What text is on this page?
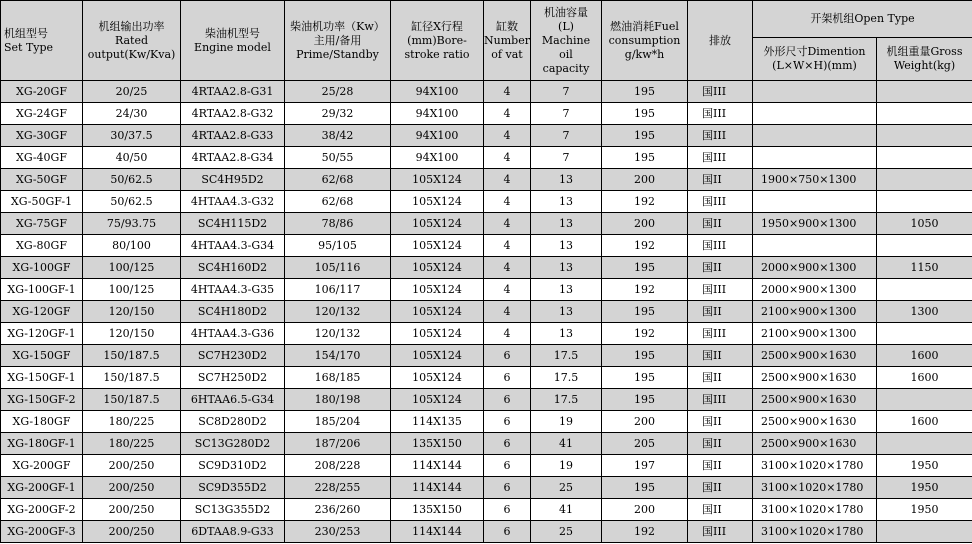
机组型号
Set Type	机组输出功率
Rated
output(Kw/Kva)	柴油机型号
Engine model	柴油机功率（Kw）
主用/备用
Prime/Standby	缸径X行程
(mm)Bore-
stroke ratio	缸数
Number
of vat	机油容量
(L)
Machine
oil
capacity	燃油消耗Fuel
consumption
g/kw*h	排放	开架机组Open Type	
									外形尺寸Dimention
(L×W×H)(mm)	机组重量Gross
Weight(kg)
XG-20GF	20/25	4RTAA2.8-G31	25/28	94X100	4	7	195	国III		
XG-24GF	24/30	4RTAA2.8-G32	29/32	94X100	4	7	195	国III		
XG-30GF	30/37.5	4RTAA2.8-G33	38/42	94X100	4	7	195	国III		
XG-40GF	40/50	4RTAA2.8-G34	50/55	94X100	4	7	195	国III		
XG-50GF	50/62.5	SC4H95D2	62/68	105X124	4	13	200	国II	1900×750×1300	
XG-50GF-1	50/62.5	4HTAA4.3-G32	62/68	105X124	4	13	192	国III		
XG-75GF	75/93.75	SC4H115D2	78/86	105X124	4	13	200	国II	1950×900×1300	1050
XG-80GF	80/100	4HTAA4.3-G34	95/105	105X124	4	13	192	国III		
XG-100GF	100/125	SC4H160D2	105/116	105X124	4	13	195	国II	2000×900×1300	1150
XG-100GF-1	100/125	4HTAA4.3-G35	106/117	105X124	4	13	192	国III	2000×900×1300	
XG-120GF	120/150	SC4H180D2	120/132	105X124	4	13	195	国II	2100×900×1300	1300
XG-120GF-1	120/150	4HTAA4.3-G36	120/132	105X124	4	13	192	国III	2100×900×1300	
XG-150GF	150/187.5	SC7H230D2	154/170	105X124	6	17.5	195	国II	2500×900×1630	1600
XG-150GF-1	150/187.5	SC7H250D2	168/185	105X124	6	17.5	195	国II	2500×900×1630	1600
XG-150GF-2	150/187.5	6HTAA6.5-G34	180/198	105X124	6	17.5	195	国III	2500×900×1630	
XG-180GF	180/225	SC8D280D2	185/204	114X135	6	19	200	国II	2500×900×1630	1600
XG-180GF-1	180/225	SC13G280D2	187/206	135X150	6	41	205	国II	2500×900×1630	
XG-200GF	200/250	SC9D310D2	208/228	114X144	6	19	197	国II	3100×1020×1780	1950
XG-200GF-1	200/250	SC9D355D2	228/255	114X144	6	25	195	国II	3100×1020×1780	1950
XG-200GF-2	200/250	SC13G355D2	236/260	135X150	6	41	200	国II	3100×1020×1780	1950
XG-200GF-3	200/250	6DTAA8.9-G33	230/253	114X144	6	25	192	国III	3100×1020×1780	
